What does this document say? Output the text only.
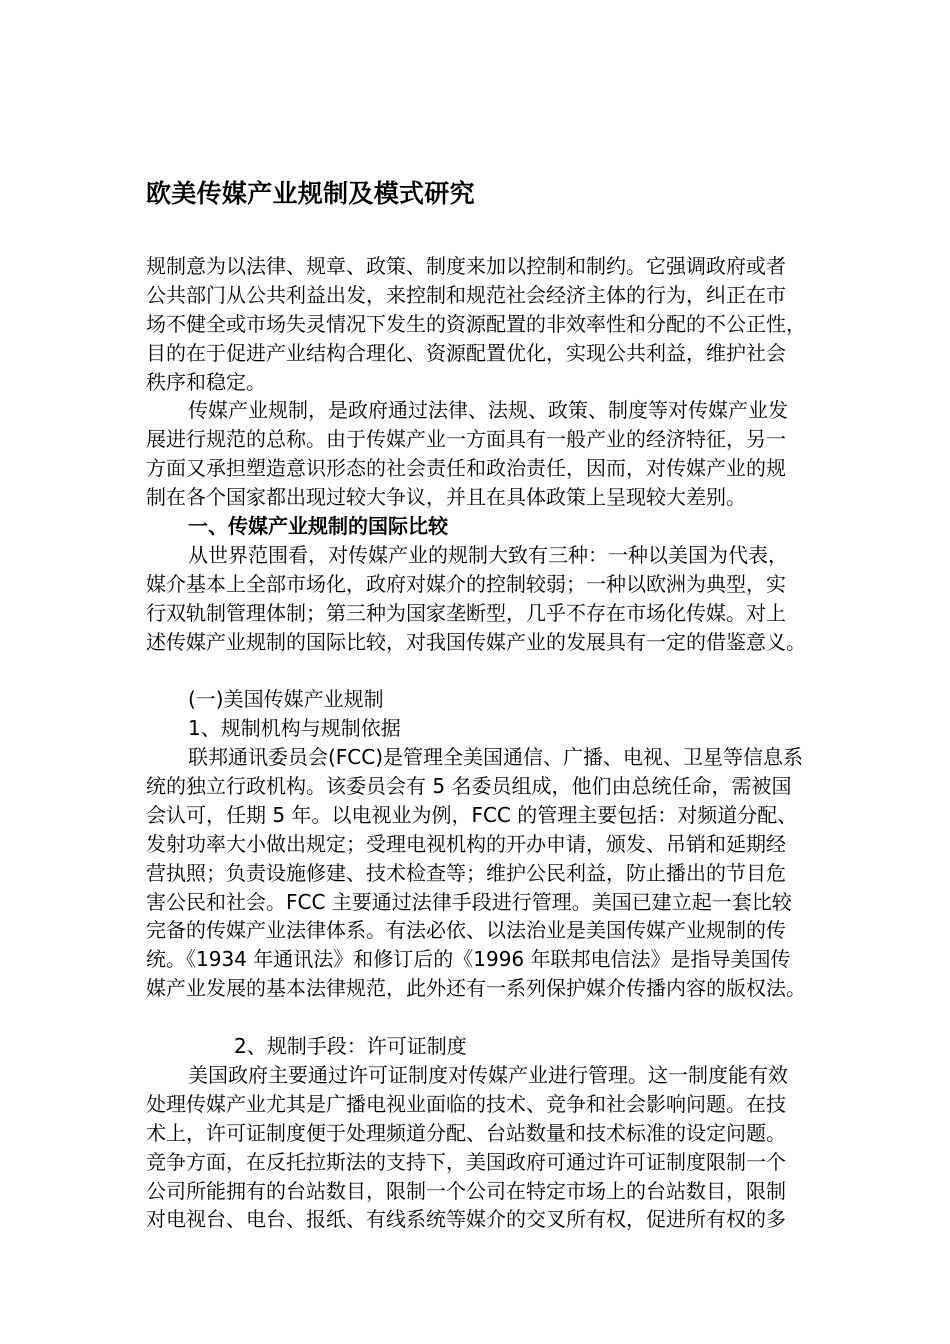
欧美传媒产业规制及模式研究
规制意为以法律、规章、政策、制度来加以控制和制约。它强调政府或者
公共部门从公共利益出发，来控制和规范社会经济主体的行为，纠正在市
场不健全或市场失灵情况下发生的资源配置的非效率性和分配的不公正性，
目的在于促进产业结构合理化、资源配置优化，实现公共利益，维护社会
秩序和稳定。
传媒产业规制，是政府通过法律、法规、政策、制度等对传媒产业发
展进行规范的总称。由于传媒产业一方面具有一般产业的经济特征，另一
方面又承担塑造意识形态的社会责任和政治责任，因而，对传媒产业的规
制在各个国家都出现过较大争议，并且在具体政策上呈现较大差别。
一、传媒产业规制的国际比较
从世界范围看，对传媒产业的规制大致有三种：一种以美国为代表，
媒介基本上全部市场化，政府对媒介的控制较弱；一种以欧洲为典型，实
行双轨制管理体制；第三种为国家垄断型，几乎不存在市场化传媒。对上
述传媒产业规制的国际比较，对我国传媒产业的发展具有一定的借鉴意义。
(一)美国传媒产业规制
1、规制机构与规制依据
联邦通讯委员会(FCC)是管理全美国通信、广播、电视、卫星等信息系
统的独立行政机构。该委员会有 5 名委员组成，他们由总统任命，需被国
会认可，任期 5 年。以电视业为例，FCC 的管理主要包括：对频道分配、
发射功率大小做出规定；受理电视机构的开办申请，颁发、吊销和延期经
营执照；负责设施修建、技术检查等；维护公民利益，防止播出的节目危
害公民和社会。FCC 主要通过法律手段进行管理。美国已建立起一套比较
完备的传媒产业法律体系。有法必依、以法治业是美国传媒产业规制的传
统。《1934 年通讯法》和修订后的《1996 年联邦电信法》是指导美国传
媒产业发展的基本法律规范，此外还有一系列保护媒介传播内容的版权法。
2、规制手段：许可证制度
美国政府主要通过许可证制度对传媒产业进行管理。这一制度能有效
处理传媒产业尤其是广播电视业面临的技术、竞争和社会影响问题。在技
术上，许可证制度便于处理频道分配、台站数量和技术标准的设定问题。
竞争方面，在反托拉斯法的支持下，美国政府可通过许可证制度限制一个
公司所能拥有的台站数目，限制一个公司在特定市场上的台站数目，限制
对电视台、电台、报纸、有线系统等媒介的交叉所有权，促进所有权的多
